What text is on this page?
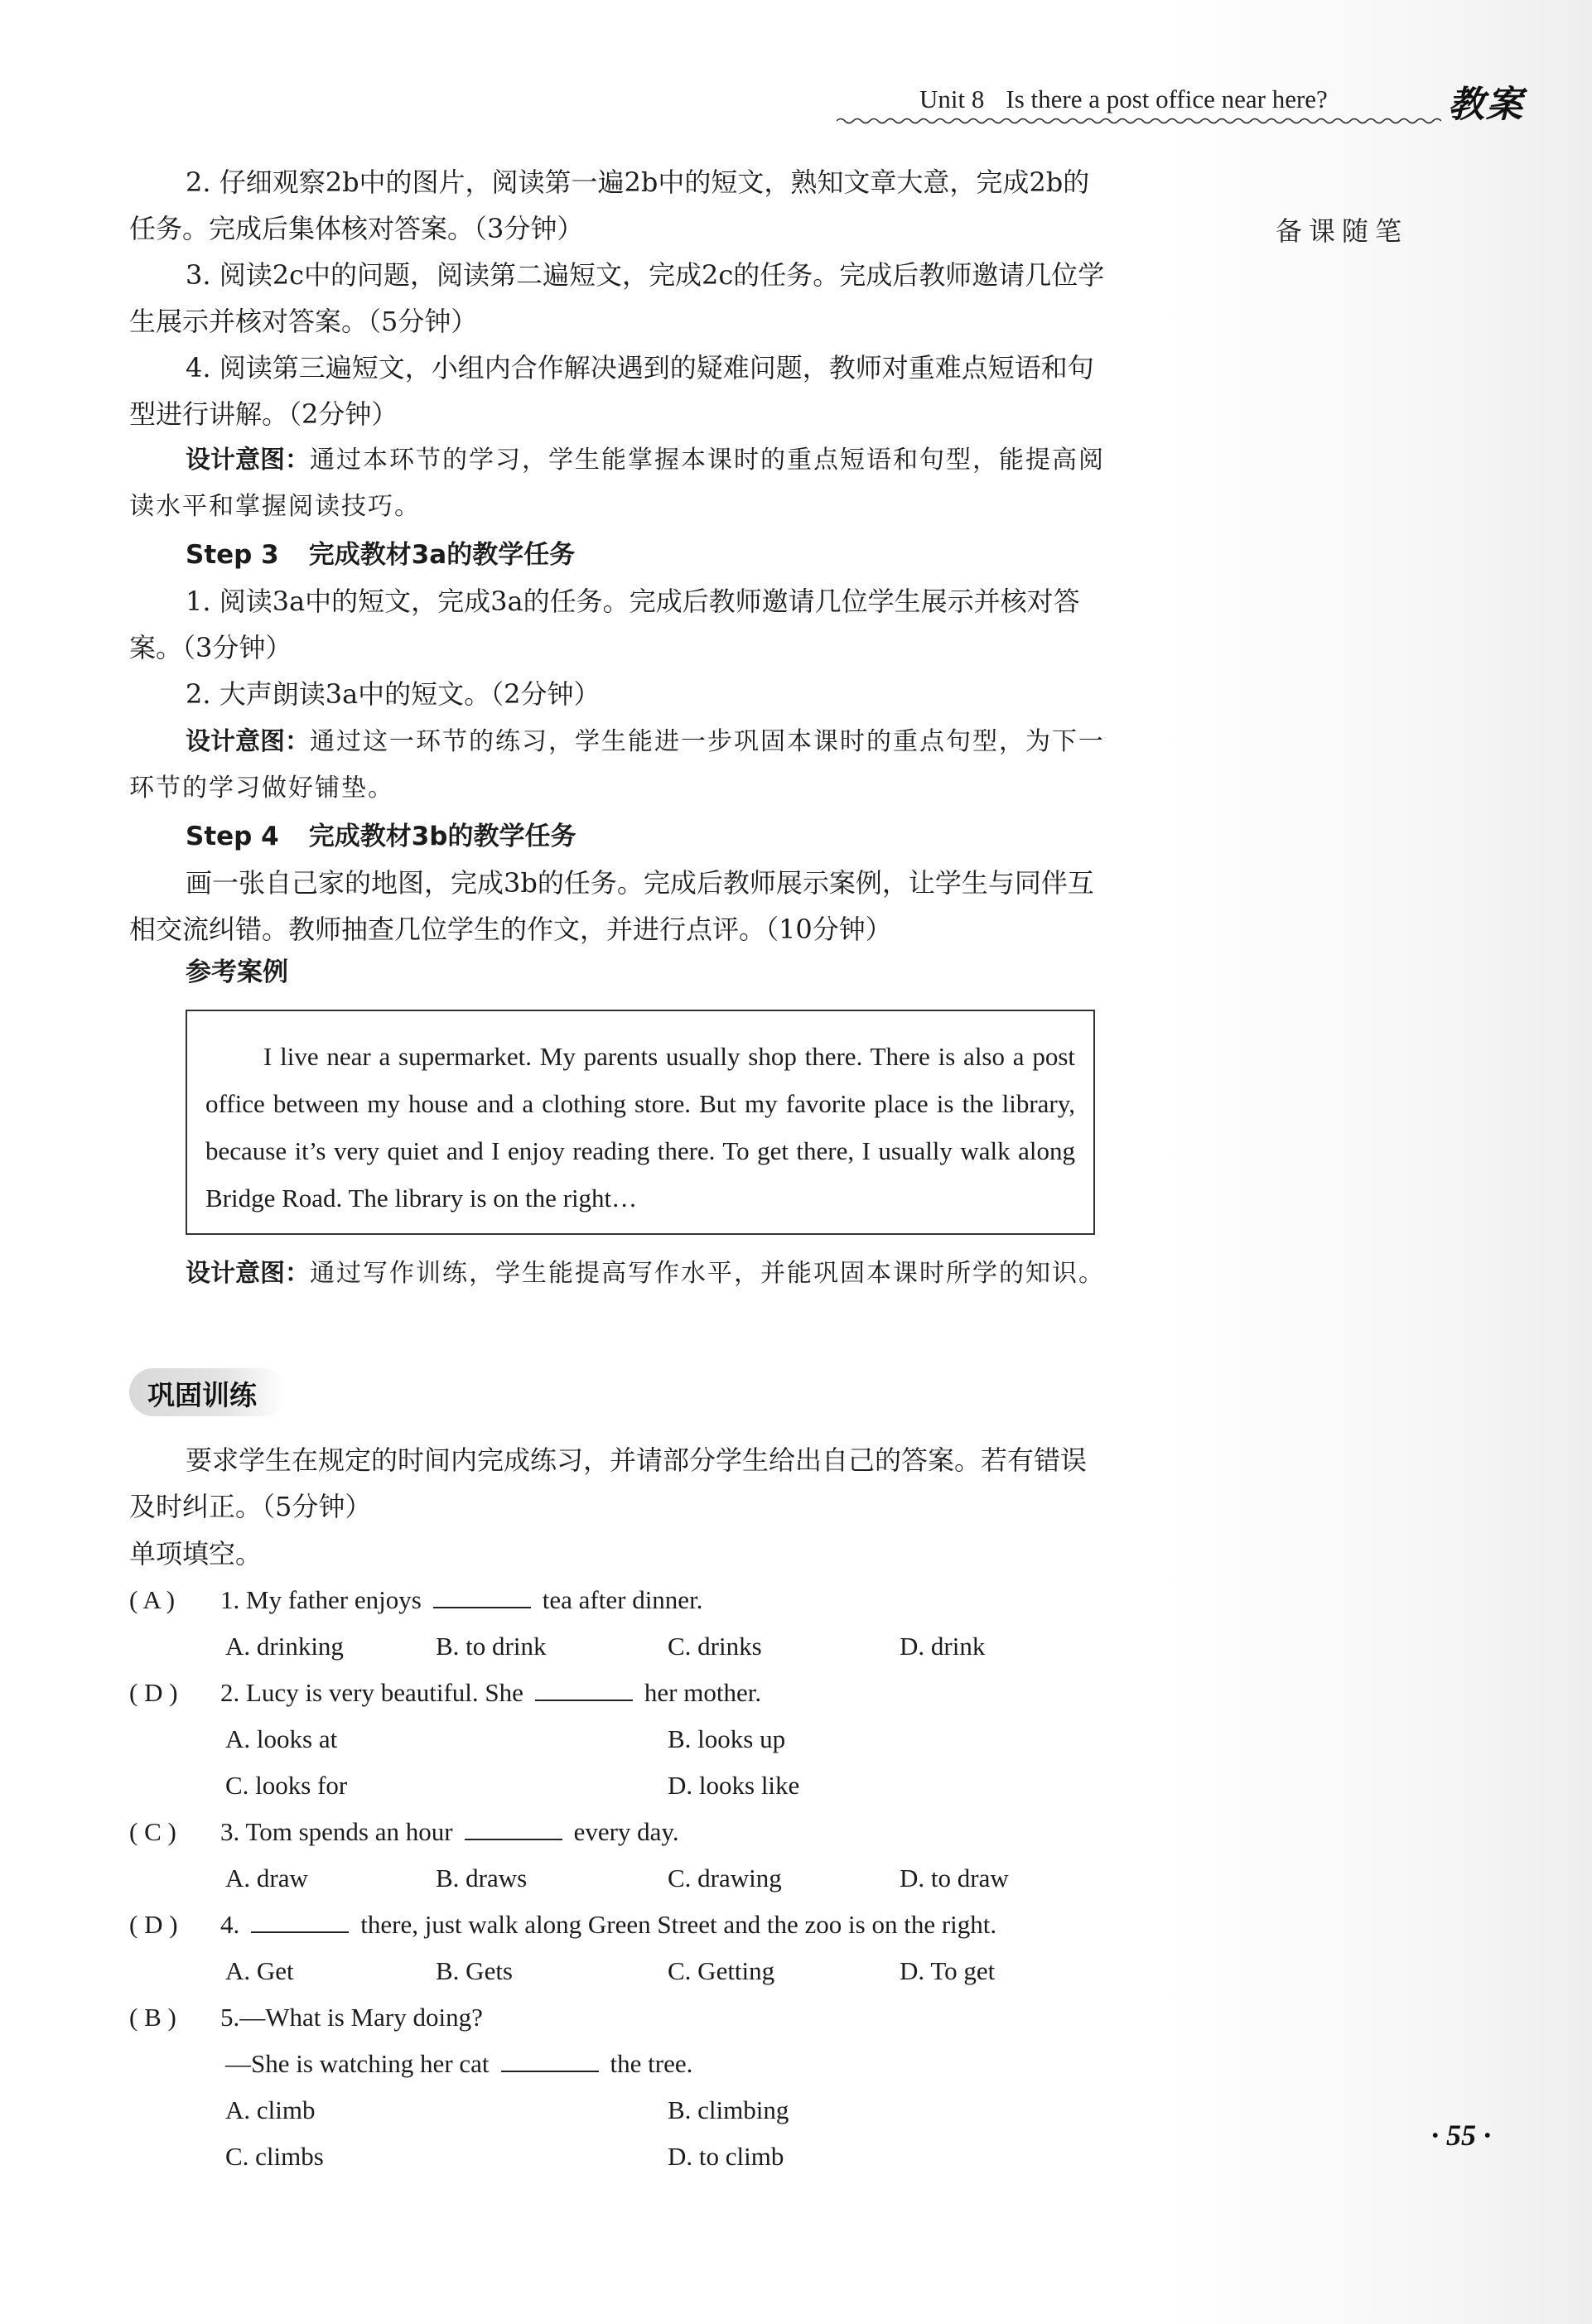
Unit 8 Is there a post office near here?	教案
备课随笔
2. 仔细观察2b中的图片，阅读第一遍2b中的短文，熟知文章大意，完成2b的任务。完成后集体核对答案。（3分钟）
3. 阅读2c中的问题，阅读第二遍短文，完成2c的任务。完成后教师邀请几位学生展示并核对答案。（5分钟）
4. 阅读第三遍短文，小组内合作解决遇到的疑难问题，教师对重难点短语和句型进行讲解。（2分钟）
设计意图：通过本环节的学习，学生能掌握本课时的重点短语和句型，能提高阅读水平和掌握阅读技巧。
Step 3 完成教材3a的教学任务
1. 阅读3a中的短文，完成3a的任务。完成后教师邀请几位学生展示并核对答案。（3分钟）
2. 大声朗读3a中的短文。（2分钟）
设计意图：通过这一环节的练习，学生能进一步巩固本课时的重点句型，为下一环节的学习做好铺垫。
Step 4 完成教材3b的教学任务
画一张自己家的地图，完成3b的任务。完成后教师展示案例，让学生与同伴互相交流纠错。教师抽查几位学生的作文，并进行点评。（10分钟）
参考案例
I live near a supermarket. My parents usually shop there. There is also a post office between my house and a clothing store. But my favorite place is the library, because it’s very quiet and I enjoy reading there. To get there, I usually walk along Bridge Road. The library is on the right…
设计意图：通过写作训练，学生能提高写作水平，并能巩固本课时所学的知识。
巩固训练
要求学生在规定的时间内完成练习，并请部分学生给出自己的答案。若有错误及时纠正。（5分钟）
单项填空。
( A ) 1. My father enjoys	tea after dinner.
A. drinking	B. to drink	C. drinks	D. drink
( D ) 2. Lucy is very beautiful. She	her mother.
A. looks at	B. looks up
C. looks for	D. looks like
( C ) 3. Tom spends an hour	every day.
A. draw	B. draws	C. drawing	D. to draw
( D ) 4.	there, just walk along Green Street and the zoo is on the right.
A. Get	B. Gets	C. Getting	D. To get
( B ) 5.—What is Mary doing?
—She is watching her cat	the tree.
A. climb	B. climbing
C. climbs	D. to climb
· 55 ·
